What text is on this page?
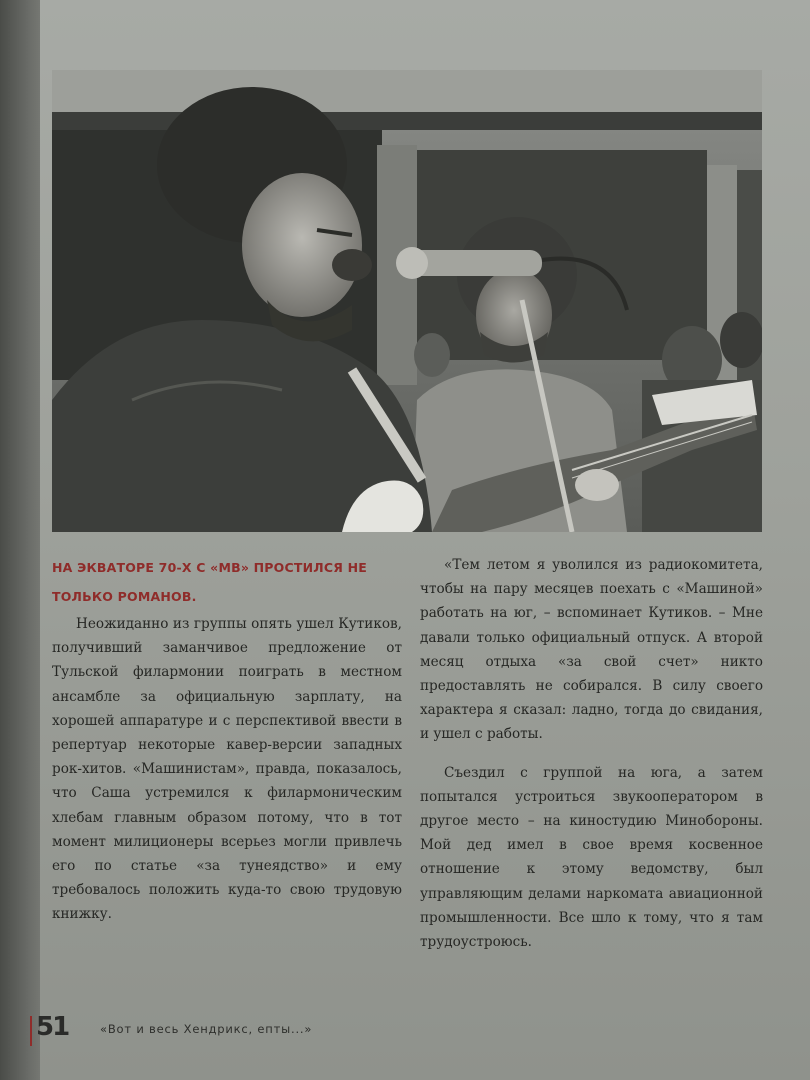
НА ЭКВАТОРЕ 70-Х С «МВ» ПРОСТИЛСЯ НЕ ТОЛЬКО РОМАНОВ.

Неожиданно из группы опять ушел Кутиков, получивший заманчивое предложение от Тульской филармонии поиграть в местном ансамбле за официальную зарплату, на хорошей аппаратуре и с перспективой ввести в репертуар некоторые кавер-версии западных рок-хитов. «Машинистам», правда, показалось, что Саша устремился к филармоническим хлебам главным образом потому, что в тот момент милиционеры всерьез могли привлечь его по статье «за тунеядство» и ему требовалось положить куда-то свою трудовую книжку.

«Тем летом я уволился из радиокомитета, чтобы на пару месяцев поехать с «Машиной» работать на юг, – вспоминает Кутиков. – Мне давали только официальный отпуск. А второй месяц отдыха «за свой счет» никто предоставлять не собирался. В силу своего характера я сказал: ладно, тогда до свидания, и ушел с работы.

Съездил с группой на юга, а затем попытался устроиться звукооператором в другое место – на киностудию Минобороны. Мой дед имел в свое время косвенное отношение к этому ведомству, был управляющим делами наркомата авиационной промышленности. Все шло к тому, что я там трудоустроюсь.

51	«Вот и весь Хендрикс, епты...»
